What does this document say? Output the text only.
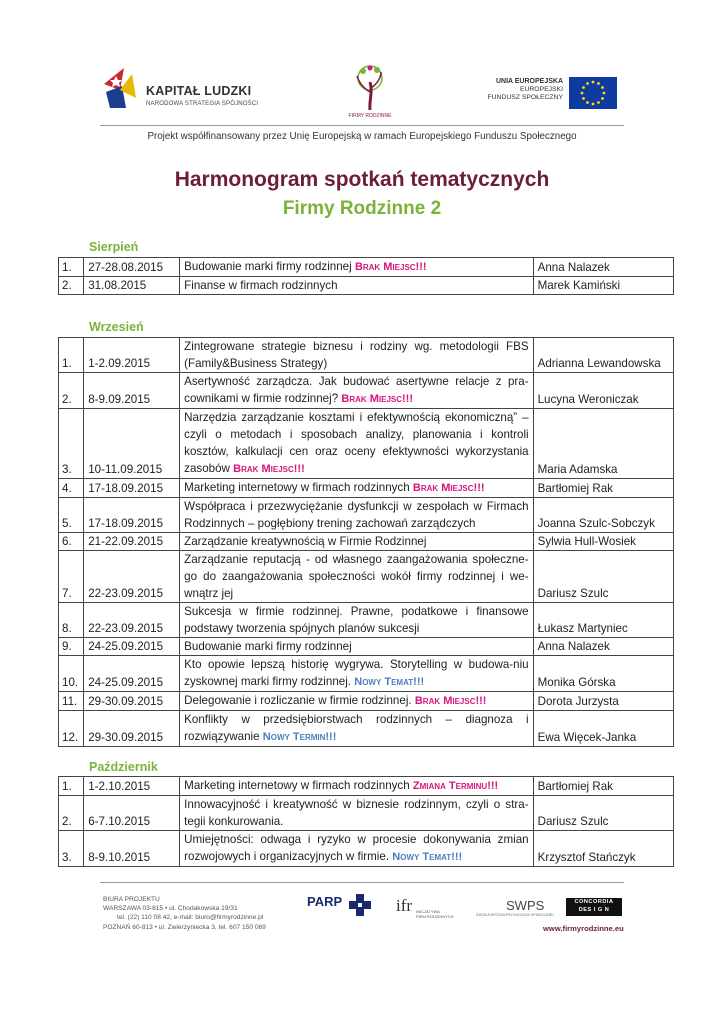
KAPITAŁ LUDZKI
NARODOWA STRATEGIA SPÓJNOŚCI
FIRMY RODZINNE
UNIA EUROPEJSKA
EUROPEJSKI
FUNDUSZ SPOŁECZNY
Projekt współfinansowany przez Unię Europejską w ramach Europejskiego Funduszu Społecznego
Harmonogram spotkań tematycznych
Firmy Rodzinne 2
Sierpień
1.	27-28.08.2015	Budowanie marki firmy rodzinnej Brak Miejsc!!!	Anna Nalazek
2.	31.08.2015	Finanse w firmach rodzinnych	Marek Kamiński
Wrzesień
1.	1-2.09.2015	Zintegrowane strategie biznesu i rodziny wg. metodologii FBS (Family&Business Strategy)	Adrianna Lewandowska
2.	8-9.09.2015	Asertywność zarządcza. Jak budować asertywne relacje z pra-cownikami w firmie rodzinnej? Brak Miejsc!!!	Lucyna Weroniczak
3.	10-11.09.2015	Narzędzia zarządzanie kosztami i efektywnością ekonomiczną” – czyli o metodach i sposobach analizy, planowania i kontroli kosztów, kalkulacji cen oraz oceny efektywności wykorzystania zasobów Brak Miejsc!!!	Maria Adamska
4.	17-18.09.2015	Marketing internetowy w firmach rodzinnych Brak Miejsc!!!	Bartłomiej Rak
5.	17-18.09.2015	Współpraca i przezwyciężanie dysfunkcji w zespołach w Firmach Rodzinnych – pogłębiony trening zachowań zarządczych	Joanna Szulc-Sobczyk
6.	21-22.09.2015	Zarządzanie kreatywnością w Firmie Rodzinnej	Sylwia Hull-Wosiek
7.	22-23.09.2015	Zarządzanie reputacją - od własnego zaangażowania społeczne-go do zaangażowania społeczności wokół firmy rodzinnej i we-wnątrz jej	Dariusz Szulc
8.	22-23.09.2015	Sukcesja w firmie rodzinnej. Prawne, podatkowe i finansowe podstawy tworzenia spójnych planów sukcesji	Łukasz Martyniec
9.	24-25.09.2015	Budowanie marki firmy rodzinnej	Anna Nalazek
10.	24-25.09.2015	Kto opowie lepszą historię wygrywa. Storytelling w budowa-niu zyskownej marki firmy rodzinnej. Nowy Temat!!!	Monika Górska
11.	29-30.09.2015	Delegowanie i rozliczanie w firmie rodzinnej. Brak Miejsc!!!	Dorota Jurzysta
12.	29-30.09.2015	Konflikty w przedsiębiorstwach rodzinnych – diagnoza i rozwiązywanie Nowy Termin!!!	Ewa Więcek-Janka
Październik
1.	1-2.10.2015	Marketing internetowy w firmach rodzinnych Zmiana Terminu!!!	Bartłomiej Rak
2.	6-7.10.2015	Innowacyjność i kreatywność w biznesie rodzinnym, czyli o stra-tegii konkurowania.	Dariusz Szulc
3.	8-9.10.2015	Umiejętności: odwaga i ryzyko w procesie dokonywania zmian rozwojowych i organizacyjnych w firmie. Nowy Temat!!!	Krzysztof Stańczyk
BIURA PROJEKTU
WARSZAWA 03-815 • ul. Chodakowska 19/31
tel. (22) 110 08 42, e-mail: biuro@firmyrodzinne.pl
POZNAŃ 60-813 • ul. Zwierzyniecka 3, tel. 607 150 069
PARP	ifr INICJATYWA
FIRM RODZINNYCH
SWPS
SZKOŁA WYŻSZA PSYCHOLOGII SPOŁECZNEJ
CONCORDIA
DES I G N
www.firmyrodzinne.eu
